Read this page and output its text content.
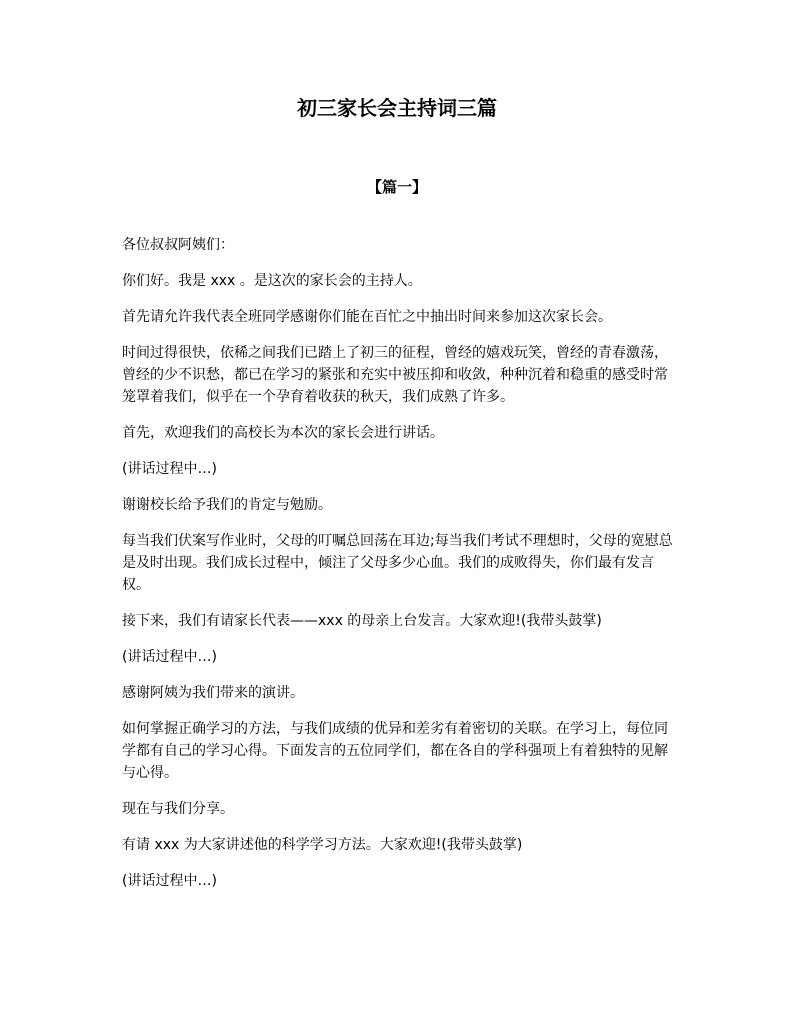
初三家长会主持词三篇
【篇一】

各位叔叔阿姨们：

你们好。我是 xxx 。是这次的家长会的主持人。

首先请允许我代表全班同学感谢你们能在百忙之中抽出时间来参加这次家长会。

时间过得很快，依稀之间我们已踏上了初三的征程，曾经的嬉戏玩笑，曾经的青春激荡，曾经的少不识愁，都已在学习的紧张和充实中被压抑和收敛，种种沉着和稳重的感受时常笼罩着我们，似乎在一个孕育着收获的秋天，我们成熟了许多。

首先，欢迎我们的高校长为本次的家长会进行讲话。

(讲话过程中…)

谢谢校长给予我们的肯定与勉励。

每当我们伏案写作业时，父母的叮嘱总回荡在耳边;每当我们考试不理想时，父母的宽慰总是及时出现。我们成长过程中，倾注了父母多少心血。我们的成败得失，你们最有发言权。

接下来，我们有请家长代表——xxx 的母亲上台发言。大家欢迎!(我带头鼓掌)

(讲话过程中…)

感谢阿姨为我们带来的演讲。

如何掌握正确学习的方法，与我们成绩的优异和差劣有着密切的关联。在学习上，每位同学都有自己的学习心得。下面发言的五位同学们，都在各自的学科强项上有着独特的见解与心得。

现在与我们分享。

有请 xxx 为大家讲述他的科学学习方法。大家欢迎!(我带头鼓掌)

(讲话过程中…)
